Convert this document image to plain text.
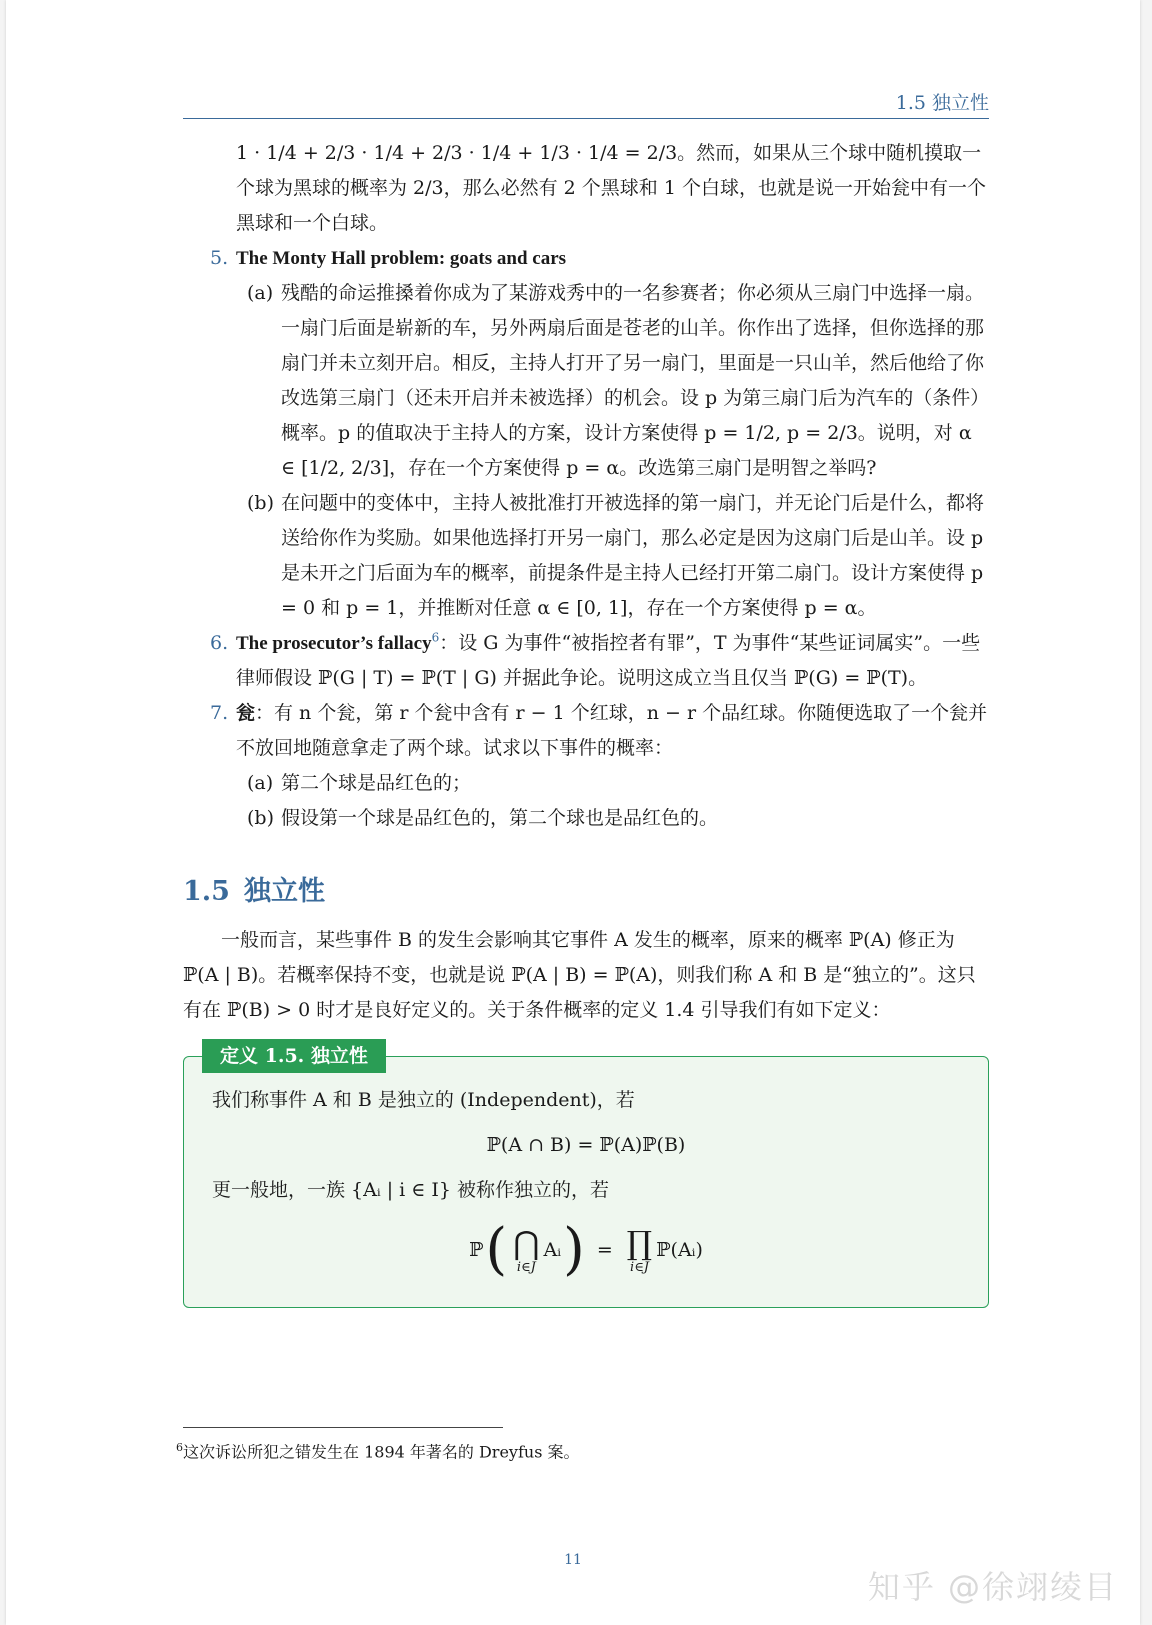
1.5 独立性
1 · 1/4 + 2/3 · 1/4 + 2/3 · 1/4 + 1/3 · 1/4 = 2/3。然而，如果从三个球中随机摸取一个球为黑球的概率为 2/3，那么必然有 2 个黑球和 1 个白球，也就是说一开始瓮中有一个黑球和一个白球。
5. The Monty Hall problem: goats and cars
(a) 残酷的命运推搡着你成为了某游戏秀中的一名参赛者；你必须从三扇门中选择一扇。一扇门后面是崭新的车，另外两扇后面是苍老的山羊。你作出了选择，但你选择的那扇门并未立刻开启。相反，主持人打开了另一扇门，里面是一只山羊，然后他给了你改选第三扇门（还未开启并未被选择）的机会。设 p 为第三扇门后为汽车的（条件）概率。p 的值取决于主持人的方案，设计方案使得 p = 1/2, p = 2/3。说明，对 α ∈ [1/2, 2/3]，存在一个方案使得 p = α。改选第三扇门是明智之举吗?
(b) 在问题中的变体中，主持人被批准打开被选择的第一扇门，并无论门后是什么，都将送给你作为奖励。如果他选择打开另一扇门，那么必定是因为这扇门后是山羊。设 p 是未开之门后面为车的概率，前提条件是主持人已经打开第二扇门。设计方案使得 p = 0 和 p = 1，并推断对任意 α ∈ [0, 1]，存在一个方案使得 p = α。
6. The prosecutor’s fallacy$^6$：设 G 为事件“被指控者有罪”，T 为事件“某些证词属实”。一些律师假设 ℙ(G | T) = ℙ(T | G) 并据此争论。说明这成立当且仅当 ℙ(G) = ℙ(T)。
7. 瓮：有 n 个瓮，第 r 个瓮中含有 r − 1 个红球，n − r 个品红球。你随便选取了一个瓮并不放回地随意拿走了两个球。试求以下事件的概率：
(a) 第二个球是品红色的；
(b) 假设第一个球是品红色的，第二个球也是品红色的。
1.5 独立性
一般而言，某些事件 B 的发生会影响其它事件 A 发生的概率，原来的概率 ℙ(A) 修正为 ℙ(A | B)。若概率保持不变，也就是说 ℙ(A | B) = ℙ(A)，则我们称 A 和 B 是“独立的”。这只有在 ℙ(B) > 0 时才是良好定义的。关于条件概率的定义 1.4 引导我们有如下定义：
定义 1.5. 独立性
我们称事件 A 和 B 是独立的 (Independent)，若
ℙ(A ∩ B) = ℙ(A)ℙ(B)
更一般地，一族 {Aᵢ | i ∈ I} 被称作独立的，若
ℙ ( ⋂
i∈J
Aᵢ ) = ∏
i∈J
ℙ(Aᵢ)
$^6$这次诉讼所犯之错发生在 1894 年著名的 Dreyfus 案。
11
知乎 @徐翊绫目
